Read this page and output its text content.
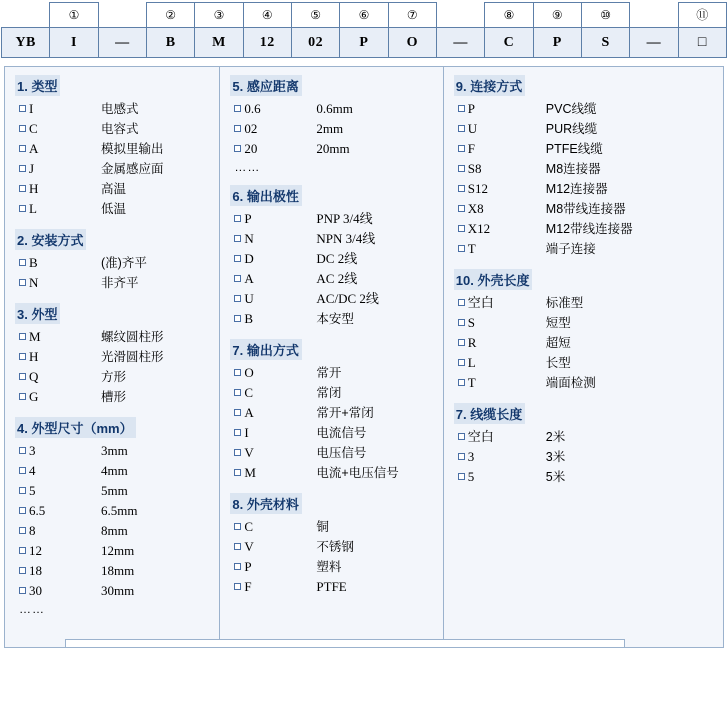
	①		②	③	④	⑤	⑥	⑦		⑧	⑨	⑩		⑪
YB	I	—	B	M	12	02	P	O	—	C	P	S	—	□
1. 类型
I	电感式
C	电容式
A	模拟里输出
J	金属感应面
H	高温
L	低温
2. 安装方式
B	(准)齐平
N	非齐平
3. 外型
M	螺纹圆柱形
H	光滑圆柱形
Q	方形
G	槽形
4. 外型尺寸（mm）
3	3mm
4	4mm
5	5mm
6.5	6.5mm
8	8mm
12	12mm
18	18mm
30	30mm
……
5. 感应距离
0.6	0.6mm
02	2mm
20	20mm
……
6. 输出极性
P	PNP 3/4线
N	NPN 3/4线
D	DC 2线
A	AC 2线
U	AC/DC 2线
B	本安型
7. 输出方式
O	常开
C	常闭
A	常开+常闭
I	电流信号
V	电压信号
M	电流+电压信号
8. 外壳材料
C	铜
V	不锈钢
P	塑料
F	PTFE
9. 连接方式
P	PVC线缆
U	PUR线缆
F	PTFE线缆
S8	M8连接器
S12	M12连接器
X8	M8带线连接器
X12	M12带线连接器
T	端子连接
10. 外壳长度
空白	标准型
S	短型
R	超短
L	长型
T	端面检测
7. 线缆长度
空白	2米
3	3米
5	5米
